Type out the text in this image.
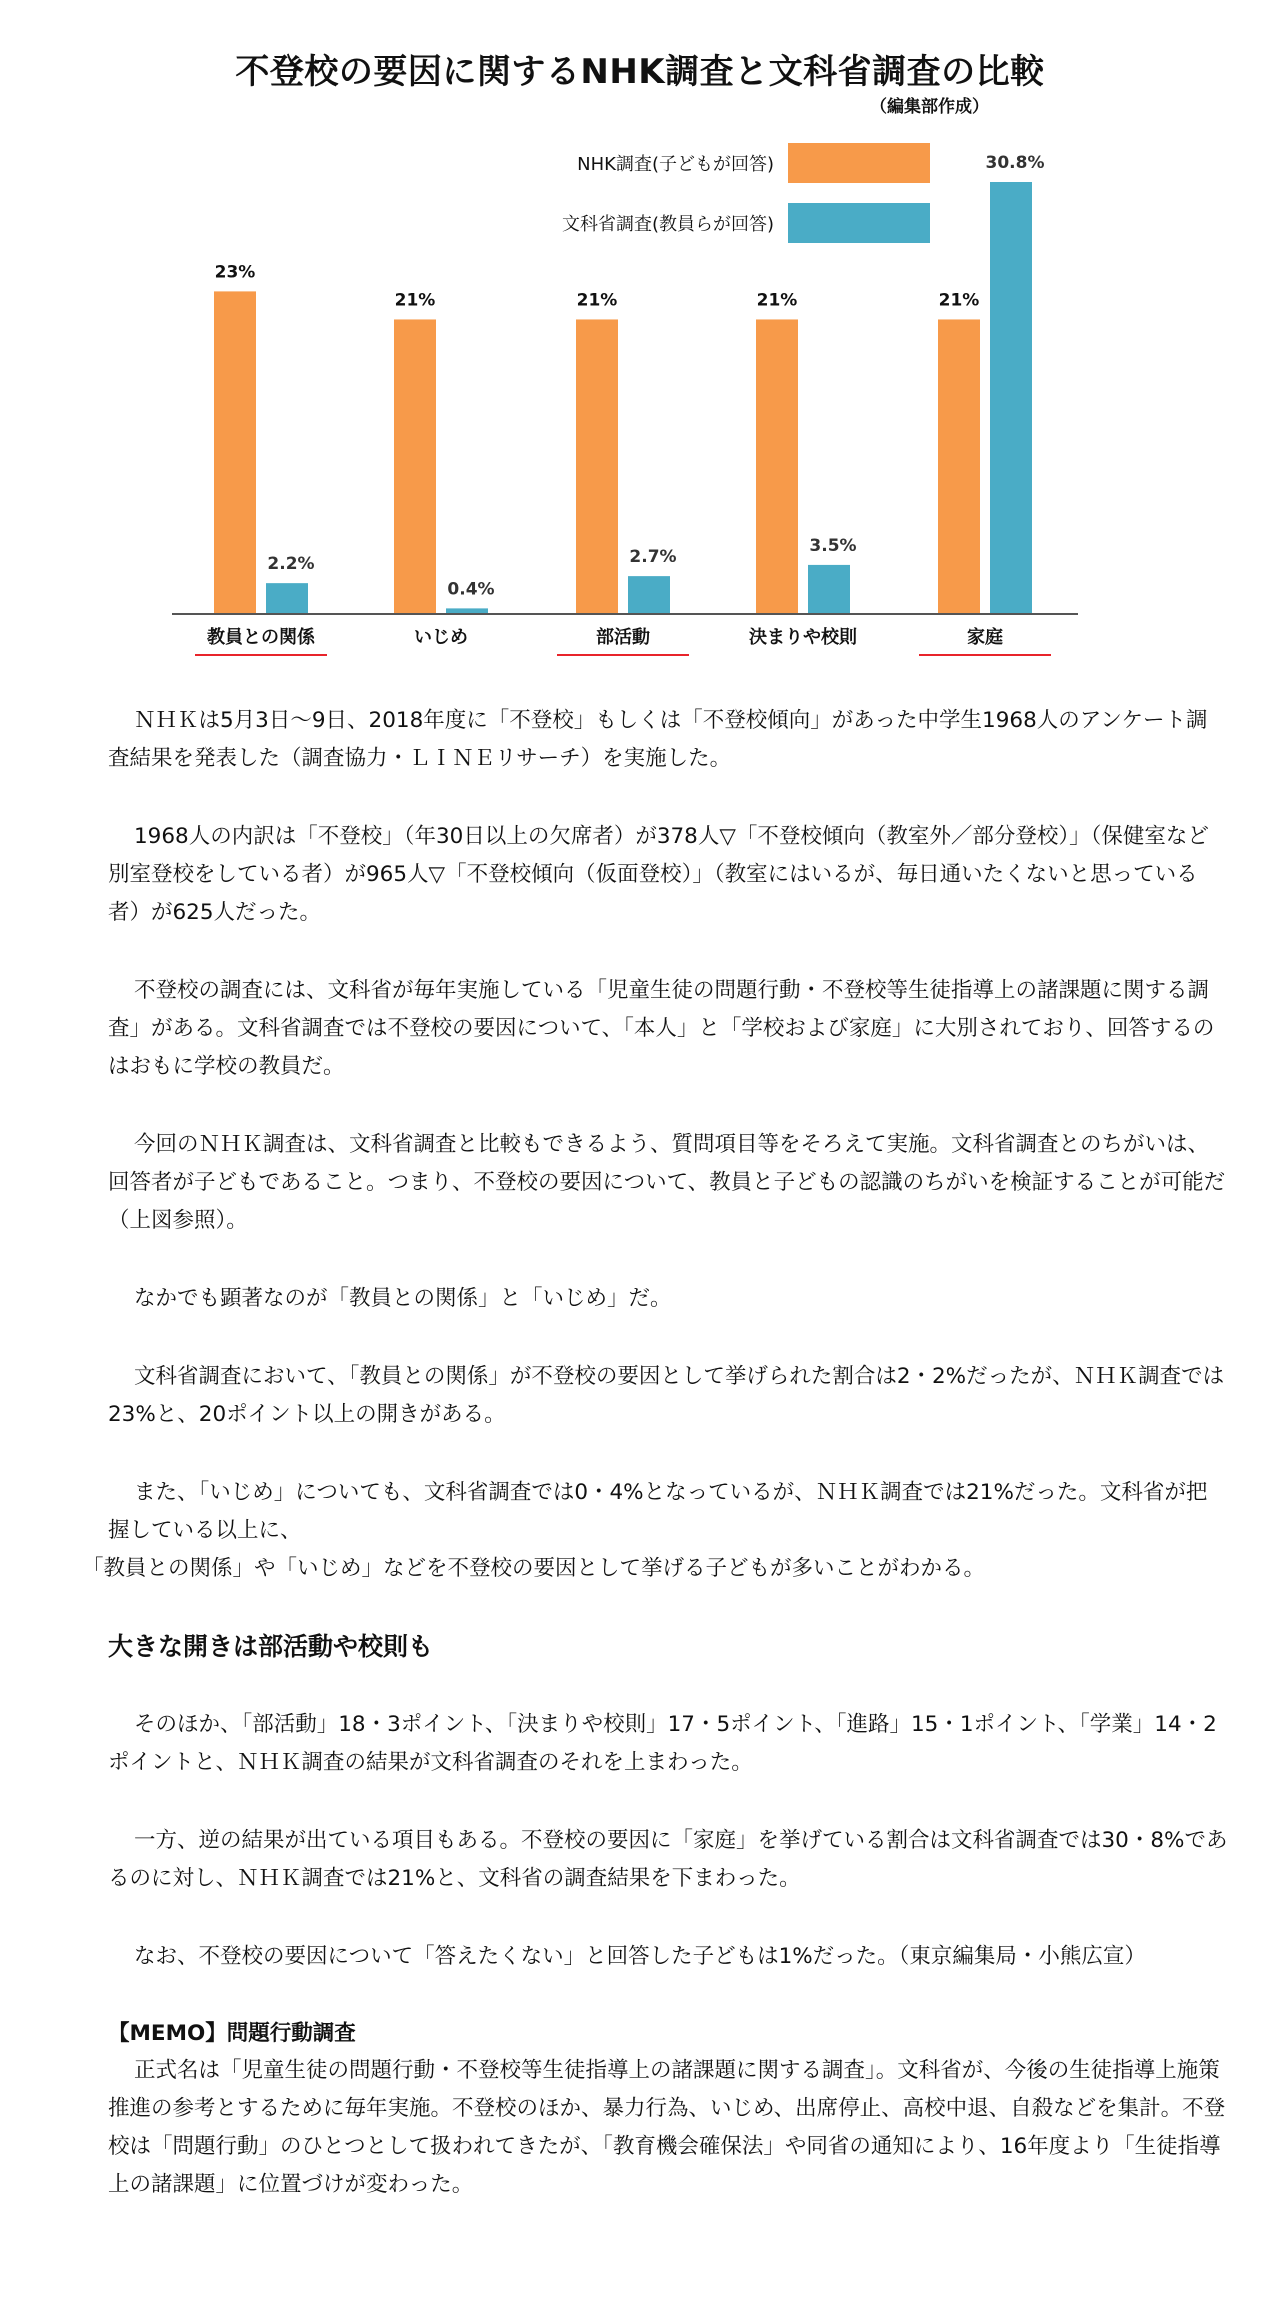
不登校の要因に関するNHK調査と文科省調査の比較
（編集部作成）
NHK調査(子どもが回答)
文科省調査(教員らが回答)
23%
2.2%
教員との関係
21%
0.4%
いじめ
21%
2.7%
部活動
21%
3.5%
決まりや校則
21%
30.8%
家庭

ＮＨＫは5月3日～9日、2018年度に「不登校」もしくは「不登校傾向」があった中学生1968人のアンケート調査結果を発表した（調査協力・ＬＩＮＥリサーチ）を実施した。

1968人の内訳は「不登校」（年30日以上の欠席者）が378人▽「不登校傾向（教室外／部分登校）」（保健室など別室登校をしている者）が965人▽「不登校傾向（仮面登校）」（教室にはいるが、毎日通いたくないと思っている者）が625人だった。

不登校の調査には、文科省が毎年実施している「児童生徒の問題行動・不登校等生徒指導上の諸課題に関する調査」がある。文科省調査では不登校の要因について、「本人」と「学校および家庭」に大別されており、回答するのはおもに学校の教員だ。

今回のＮＨＫ調査は、文科省調査と比較もできるよう、質問項目等をそろえて実施。文科省調査とのちがいは、回答者が子どもであること。つまり、不登校の要因について、教員と子どもの認識のちがいを検証することが可能だ（上図参照）。

なかでも顕著なのが「教員との関係」と「いじめ」だ。

文科省調査において、「教員との関係」が不登校の要因として挙げられた割合は2・2%だったが、ＮＨＫ調査では23%と、20ポイント以上の開きがある。

また、「いじめ」についても、文科省調査では0・4%となっているが、ＮＨＫ調査では21%だった。文科省が把握している以上に、
「教員との関係」や「いじめ」などを不登校の要因として挙げる子どもが多いことがわかる。

大きな開きは部活動や校則も

そのほか、「部活動」18・3ポイント、「決まりや校則」17・5ポイント、「進路」15・1ポイント、「学業」14・2ポイントと、ＮＨＫ調査の結果が文科省調査のそれを上まわった。

一方、逆の結果が出ている項目もある。不登校の要因に「家庭」を挙げている割合は文科省調査では30・8%であるのに対し、ＮＨＫ調査では21%と、文科省の調査結果を下まわった。

なお、不登校の要因について「答えたくない」と回答した子どもは1%だった。（東京編集局・小熊広宣）

【MEMO】問題行動調査

正式名は「児童生徒の問題行動・不登校等生徒指導上の諸課題に関する調査」。文科省が、今後の生徒指導上施策推進の参考とするために毎年実施。不登校のほか、暴力行為、いじめ、出席停止、高校中退、自殺などを集計。不登校は「問題行動」のひとつとして扱われてきたが、「教育機会確保法」や同省の通知により、16年度より「生徒指導上の諸課題」に位置づけが変わった。
